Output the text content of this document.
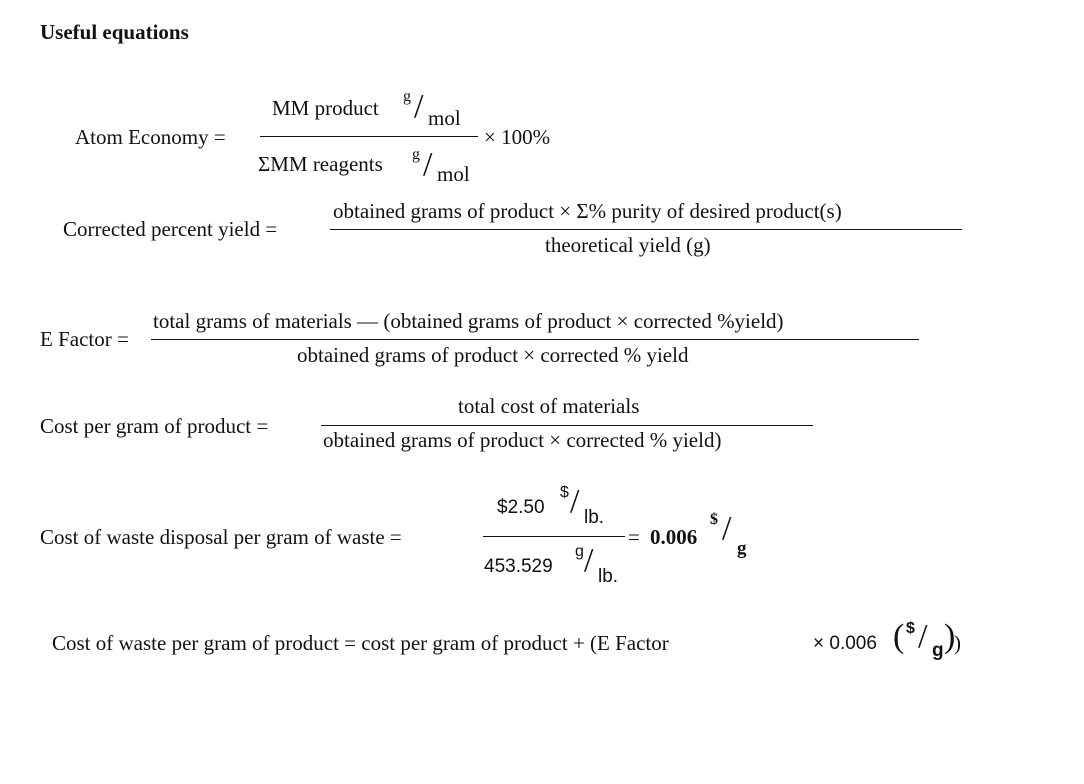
Useful equations
Atom Economy =
MM product g / mol
× 100%
ΣMM reagents g / mol
Corrected percent yield =
obtained grams of product × Σ% purity of desired product(s)
theoretical yield (g)
E Factor =
total grams of materials — (obtained grams of product × corrected %yield)
obtained grams of product × corrected % yield
Cost per gram of product =
total cost of materials
obtained grams of product × corrected % yield)
Cost of waste disposal per gram of waste =
$2.50
$ / lb.
453.529
g / lb.
= 0.006
$ /
g
Cost of waste per gram of product = cost per gram of product + (E Factor	× 0.006 ( $ / g )
)
